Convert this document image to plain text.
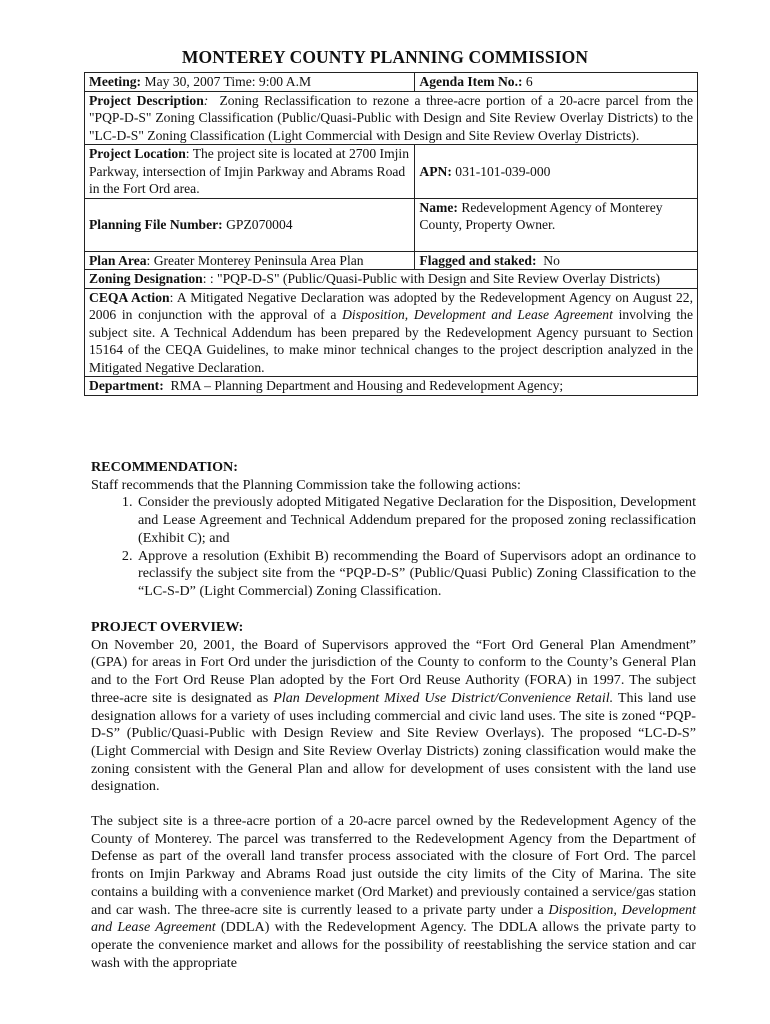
MONTEREY COUNTY PLANNING COMMISSION
Meeting: May 30, 2007 Time: 9:00 A.M	Agenda Item No.: 6
Project Description: Zoning Reclassification to rezone a three-acre portion of a 20-acre parcel from the "PQP-D-S" Zoning Classification (Public/Quasi-Public with Design and Site Review Overlay Districts) to the "LC-D-S" Zoning Classification (Light Commercial with Design and Site Review Overlay Districts).	
Project Location: The project site is located at 2700 Imjin Parkway, intersection of Imjin Parkway and Abrams Road in the Fort Ord area.	APN: 031-101-039-000
Planning File Number: GPZ070004	Name: Redevelopment Agency of Monterey County, Property Owner.
Plan Area: Greater Monterey Peninsula Area Plan	Flagged and staked: No
Zoning Designation: : "PQP-D-S" (Public/Quasi-Public with Design and Site Review Overlay Districts)	
CEQA Action: A Mitigated Negative Declaration was adopted by the Redevelopment Agency on August 22, 2006 in conjunction with the approval of a Disposition, Development and Lease Agreement involving the subject site. A Technical Addendum has been prepared by the Redevelopment Agency pursuant to Section 15164 of the CEQA Guidelines, to make minor technical changes to the project description analyzed in the Mitigated Negative Declaration.	
Department: RMA – Planning Department and Housing and Redevelopment Agency;	
RECOMMENDATION:
Staff recommends that the Planning Commission take the following actions:
1. Consider the previously adopted Mitigated Negative Declaration for the Disposition, Development and Lease Agreement and Technical Addendum prepared for the proposed zoning reclassification (Exhibit C); and
2. Approve a resolution (Exhibit B) recommending the Board of Supervisors adopt an ordinance to reclassify the subject site from the “PQP-D-S” (Public/Quasi Public) Zoning Classification to the “LC-S-D” (Light Commercial) Zoning Classification.
PROJECT OVERVIEW:

On November 20, 2001, the Board of Supervisors approved the “Fort Ord General Plan Amendment” (GPA) for areas in Fort Ord under the jurisdiction of the County to conform to the County’s General Plan and to the Fort Ord Reuse Plan adopted by the Fort Ord Reuse Authority (FORA) in 1997. The subject three-acre site is designated as Plan Development Mixed Use District/Convenience Retail. This land use designation allows for a variety of uses including commercial and civic land uses. The site is zoned “PQP-D-S” (Public/Quasi-Public with Design Review and Site Review Overlays). The proposed “LC-D-S” (Light Commercial with Design and Site Review Overlay Districts) zoning classification would make the zoning consistent with the General Plan and allow for development of uses consistent with the land use designation.

The subject site is a three-acre portion of a 20-acre parcel owned by the Redevelopment Agency of the County of Monterey. The parcel was transferred to the Redevelopment Agency from the Department of Defense as part of the overall land transfer process associated with the closure of Fort Ord. The parcel fronts on Imjin Parkway and Abrams Road just outside the city limits of the City of Marina. The site contains a building with a convenience market (Ord Market) and previously contained a service/gas station and car wash. The three-acre site is currently leased to a private party under a Disposition, Development and Lease Agreement (DDLA) with the Redevelopment Agency. The DDLA allows the private party to operate the convenience market and allows for the possibility of reestablishing the service station and car wash with the appropriate
